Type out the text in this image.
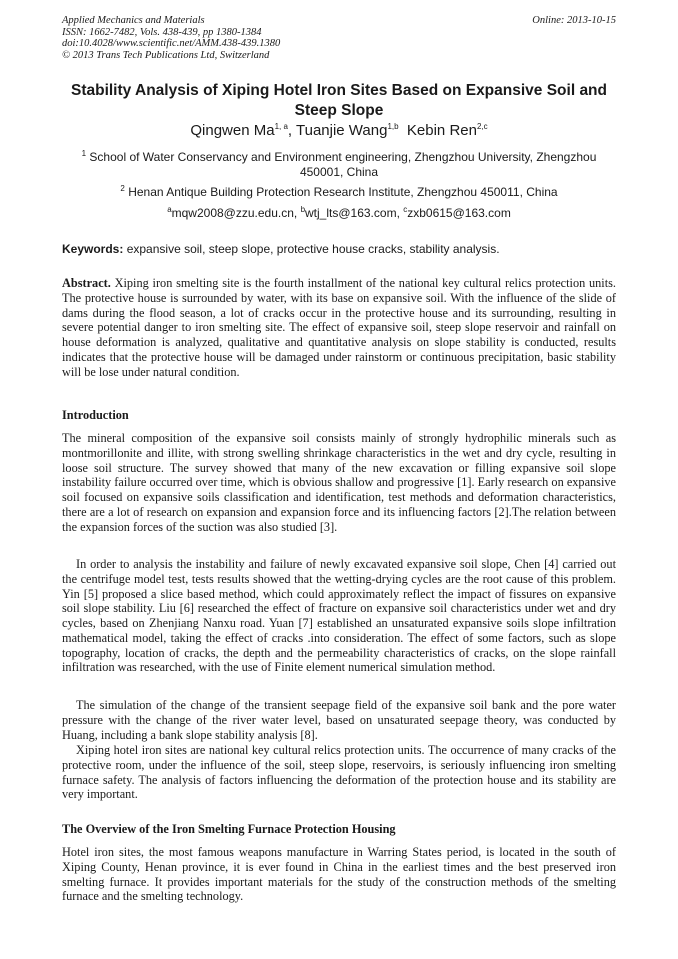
Applied Mechanics and Materials
ISSN: 1662-7482, Vols. 438-439, pp 1380-1384
doi:10.4028/www.scientific.net/AMM.438-439.1380
© 2013 Trans Tech Publications Ltd, Switzerland
Online: 2013-10-15
Stability Analysis of Xiping Hotel Iron Sites Based on Expansive Soil and Steep Slope
Qingwen Ma$^{1, a}$, Tuanjie Wang$^{1,b}$ Kebin Ren$^{2,c}$
$^1$ School of Water Conservancy and Environment engineering, Zhengzhou University, Zhengzhou 450001, China
$^2$ Henan Antique Building Protection Research Institute, Zhengzhou 450011, China
$^a$mqw2008@zzu.edu.cn, $^b$wtj_lts@163.com, $^c$zxb0615@163.com
Keywords: expansive soil, steep slope, protective house cracks, stability analysis.

Abstract. Xiping iron smelting site is the fourth installment of the national key cultural relics protection units. The protective house is surrounded by water, with its base on expansive soil. With the influence of the slide of dams during the flood season, a lot of cracks occur in the protective house and its surrounding, resulting in severe potential danger to iron smelting site. The effect of expansive soil, steep slope reservoir and rainfall on house deformation is analyzed, qualitative and quantitative analysis on slope stability is conducted, results indicates that the protective house will be damaged under rainstorm or continuous precipitation, basic stability will be lose under natural condition.

Introduction

The mineral composition of the expansive soil consists mainly of strongly hydrophilic minerals such as montmorillonite and illite, with strong swelling shrinkage characteristics in the wet and dry cycle, resulting in loose soil structure. The survey showed that many of the new excavation or filling expansive soil slope instability failure occurred over time, which is obvious shallow and progressive [1]. Early research on expansive soil focused on expansive soils classification and identification, test methods and deformation characteristics, there are a lot of research on expansion and expansion force and its influencing factors [2].The relation between the expansion forces of the suction was also studied [3].

In order to analysis the instability and failure of newly excavated expansive soil slope, Chen [4] carried out the centrifuge model test, tests results showed that the wetting-drying cycles are the root cause of this problem. Yin [5] proposed a slice based method, which could approximately reflect the impact of fissures on expansive soil slope stability. Liu [6] researched the effect of fracture on expansive soil characteristics under wet and dry cycles, based on Zhenjiang Nanxu road. Yuan [7] established an unsaturated expansive soils slope infiltration mathematical model, taking the effect of cracks .into consideration. The effect of some factors, such as slope topography, location of cracks, the depth and the permeability characteristics of cracks, on the slope rainfall infiltration was researched, with the use of Finite element numerical simulation method.

The simulation of the change of the transient seepage field of the expansive soil bank and the pore water pressure with the change of the river water level, based on unsaturated seepage theory, was conducted by Huang, including a bank slope stability analysis [8].

Xiping hotel iron sites are national key cultural relics protection units. The occurrence of many cracks of the protective room, under the influence of the soil, steep slope, reservoirs, is seriously influencing iron smelting furnace safety. The analysis of factors influencing the deformation of the protection house and its stability are very important.

The Overview of the Iron Smelting Furnace Protection Housing

Hotel iron sites, the most famous weapons manufacture in Warring States period, is located in the south of Xiping County, Henan province, it is ever found in China in the earliest times and the best preserved iron smelting furnace. It provides important materials for the study of the construction methods of the smelting furnace and the smelting technology.
